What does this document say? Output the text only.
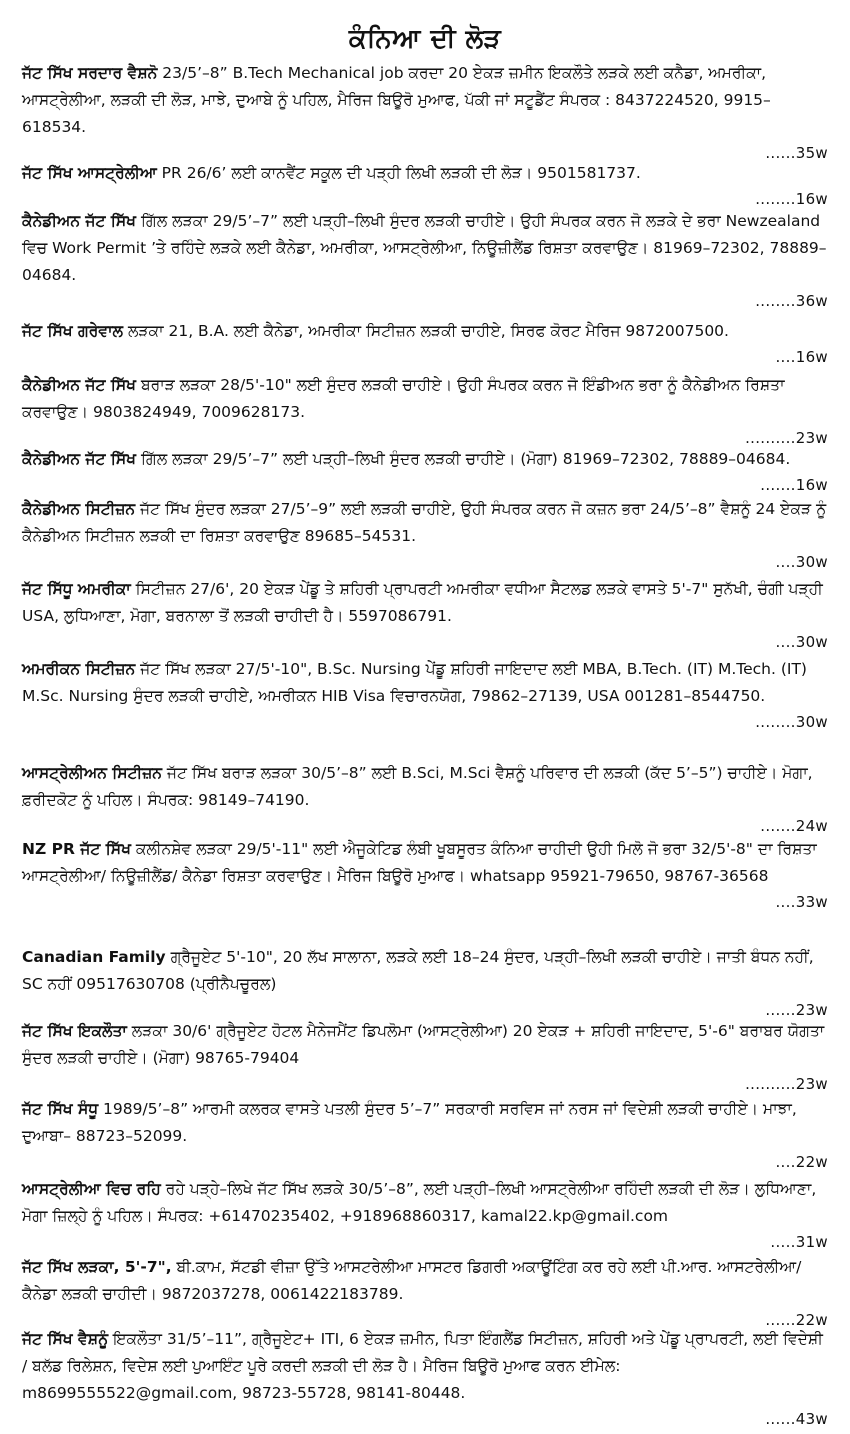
ਕੰਨਿਆ ਦੀ ਲੋੜ

ਜੱਟ ਸਿੱਖ ਸਰਦਾਰ ਵੈਸ਼ਨੋ 23/5’–8” B.Tech Mechanical job ਕਰਦਾ 20 ਏਕੜ ਜ਼ਮੀਨ ਇਕਲੌਤੇ ਲੜਕੇ ਲਈ ਕਨੈਡਾ, ਅਮਰੀਕਾ, ਆਸਟ੍ਰੇਲੀਆ, ਲੜਕੀ ਦੀ ਲੋੜ, ਮਾਝੇ, ਦੁਆਬੇ ਨੂੰ ਪਹਿਲ, ਮੈਰਿਜ ਬਿਊਰੋ ਮੁਆਫ, ਪੱਕੀ ਜਾਂ ਸਟੂਡੈਂਟ ਸੰਪਰਕ : 8437224520, 9915–618534.

......35w

ਜੱਟ ਸਿੱਖ ਆਸਟ੍ਰੇਲੀਆ PR 26/6’ ਲਈ ਕਾਨਵੈਂਟ ਸਕੂਲ ਦੀ ਪੜ੍ਹੀ ਲਿਖੀ ਲੜਕੀ ਦੀ ਲੋੜ। 9501581737.

........16w

ਕੈਨੇਡੀਅਨ ਜੱਟ ਸਿੱਖ ਗਿੱਲ ਲੜਕਾ 29/5’–7” ਲਈ ਪੜ੍ਹੀ–ਲਿਖੀ ਸੁੰਦਰ ਲੜਕੀ ਚਾਹੀਏ। ਉਹੀ ਸੰਪਰਕ ਕਰਨ ਜੋ ਲੜਕੇ ਦੇ ਭਰਾ Newzealand ਵਿਚ Work Permit ’ਤੇ ਰਹਿੰਦੇ ਲੜਕੇ ਲਈ ਕੈਨੇਡਾ, ਅਮਰੀਕਾ, ਆਸਟ੍ਰੇਲੀਆ, ਨਿਊਜ਼ੀਲੈਂਡ ਰਿਸ਼ਤਾ ਕਰਵਾਉਣ। 81969–72302, 78889–04684.

........36w

ਜੱਟ ਸਿੱਖ ਗਰੇਵਾਲ ਲੜਕਾ 21, B.A. ਲਈ ਕੈਨੇਡਾ, ਅਮਰੀਕਾ ਸਿਟੀਜ਼ਨ ਲੜਕੀ ਚਾਹੀਏ, ਸਿਰਫ ਕੋਰਟ ਮੈਰਿਜ 9872007500.

....16w

ਕੈਨੇਡੀਅਨ ਜੱਟ ਸਿੱਖ ਬਰਾੜ ਲੜਕਾ 28/5'-10" ਲਈ ਸੁੰਦਰ ਲੜਕੀ ਚਾਹੀਏ। ਉਹੀ ਸੰਪਰਕ ਕਰਨ ਜੋ ਇੰਡੀਅਨ ਭਰਾ ਨੂੰ ਕੈਨੇਡੀਅਨ ਰਿਸ਼ਤਾ ਕਰਵਾਉਣ। 9803824949, 7009628173.

..........23w

ਕੈਨੇਡੀਅਨ ਜੱਟ ਸਿੱਖ ਗਿੱਲ ਲੜਕਾ 29/5’–7” ਲਈ ਪੜ੍ਹੀ–ਲਿਖੀ ਸੁੰਦਰ ਲੜਕੀ ਚਾਹੀਏ। (ਮੋਗਾ) 81969–72302, 78889–04684.

.......16w

ਕੈਨੇਡੀਅਨ ਸਿਟੀਜ਼ਨ ਜੱਟ ਸਿੱਖ ਸੁੰਦਰ ਲੜਕਾ 27/5’–9” ਲਈ ਲੜਕੀ ਚਾਹੀਏ, ਉਹੀ ਸੰਪਰਕ ਕਰਨ ਜੋ ਕਜ਼ਨ ਭਰਾ 24/5’–8” ਵੈਸ਼ਨੂੰ 24 ਏਕੜ ਨੂੰ ਕੈਨੇਡੀਅਨ ਸਿਟੀਜ਼ਨ ਲੜਕੀ ਦਾ ਰਿਸ਼ਤਾ ਕਰਵਾਉਣ 89685–54531.

....30w

ਜੱਟ ਸਿੱਧੂ ਅਮਰੀਕਾ ਸਿਟੀਜ਼ਨ 27/6', 20 ਏਕੜ ਪੇਂਡੂ ਤੇ ਸ਼ਹਿਰੀ ਪ੍ਰਾਪਰਟੀ ਅਮਰੀਕਾ ਵਧੀਆ ਸੈਟਲਡ ਲੜਕੇ ਵਾਸਤੇ 5'-7" ਸੁਨੱਖੀ, ਚੰਗੀ ਪੜ੍ਹੀ USA, ਲੁਧਿਆਣਾ, ਮੋਗਾ, ਬਰਨਾਲਾ ਤੋਂ ਲੜਕੀ ਚਾਹੀਦੀ ਹੈ। 5597086791.

....30w

ਅਮਰੀਕਨ ਸਿਟੀਜ਼ਨ ਜੱਟ ਸਿੱਖ ਲੜਕਾ 27/5'-10", B.Sc. Nursing ਪੇਂਡੂ ਸ਼ਹਿਰੀ ਜਾਇਦਾਦ ਲਈ MBA, B.Tech. (IT) M.Tech. (IT) M.Sc. Nursing ਸੁੰਦਰ ਲੜਕੀ ਚਾਹੀਏ, ਅਮਰੀਕਨ HIB Visa ਵਿਚਾਰਨਯੋਗ, 79862–27139, USA 001281–8544750.

........30w

ਆਸਟ੍ਰੇਲੀਅਨ ਸਿਟੀਜ਼ਨ ਜੱਟ ਸਿੱਖ ਬਰਾੜ ਲੜਕਾ 30/5’–8” ਲਈ B.Sci, M.Sci ਵੈਸ਼ਨੂੰ ਪਰਿਵਾਰ ਦੀ ਲੜਕੀ (ਕੱਦ 5’–5”) ਚਾਹੀਏ। ਮੋਗਾ, ਫ਼ਰੀਦਕੋਟ ਨੂੰ ਪਹਿਲ। ਸੰਪਰਕ: 98149–74190.

.......24w

NZ PR ਜੱਟ ਸਿੱਖ ਕਲੀਨਸ਼ੇਵ ਲੜਕਾ 29/5'-11" ਲਈ ਐਜੂਕੇਟਿਡ ਲੰਬੀ ਖੂਬਸੂਰਤ ਕੰਨਿਆ ਚਾਹੀਦੀ ਉਹੀ ਮਿਲੋ ਜੋ ਭਰਾ 32/5'-8" ਦਾ ਰਿਸ਼ਤਾ ਆਸਟ੍ਰੇਲੀਆ/ ਨਿਊਜ਼ੀਲੈਂਡ/ ਕੈਨੇਡਾ ਰਿਸ਼ਤਾ ਕਰਵਾਉਣ। ਮੈਰਿਜ ਬਿਊਰੋ ਮੁਆਫ। whatsapp 95921-79650, 98767-36568

....33w

Canadian Family ਗ੍ਰੈਜੂਏਟ 5'-10", 20 ਲੱਖ ਸਾਲਾਨਾ, ਲੜਕੇ ਲਈ 18–24 ਸੁੰਦਰ, ਪੜ੍ਹੀ–ਲਿਖੀ ਲੜਕੀ ਚਾਹੀਏ। ਜਾਤੀ ਬੰਧਨ ਨਹੀਂ, SC ਨਹੀਂ 09517630708 (ਪ੍ਰੀਨੈਪਚੂਰਲ)

......23w

ਜੱਟ ਸਿੱਖ ਇਕਲੌਤਾ ਲੜਕਾ 30/6' ਗ੍ਰੈਜੂਏਟ ਹੋਟਲ ਮੈਨੇਜਮੈਂਟ ਡਿਪਲੋਮਾ (ਆਸਟ੍ਰੇਲੀਆ) 20 ਏਕੜ + ਸ਼ਹਿਰੀ ਜਾਇਦਾਦ, 5'-6" ਬਰਾਬਰ ਯੋਗਤਾ ਸੁੰਦਰ ਲੜਕੀ ਚਾਹੀਏ। (ਮੋਗਾ) 98765-79404

..........23w

ਜੱਟ ਸਿੱਖ ਸੰਧੂ 1989/5’–8” ਆਰਮੀ ਕਲਰਕ ਵਾਸਤੇ ਪਤਲੀ ਸੁੰਦਰ 5’–7” ਸਰਕਾਰੀ ਸਰਵਿਸ ਜਾਂ ਨਰਸ ਜਾਂ ਵਿਦੇਸ਼ੀ ਲੜਕੀ ਚਾਹੀਏ। ਮਾਝਾ, ਦੁਆਬਾ– 88723–52099.

....22w

ਆਸਟ੍ਰੇਲੀਆ ਵਿਚ ਰਹਿ ਰਹੇ ਪੜ੍ਹੇ–ਲਿਖੇ ਜੱਟ ਸਿੱਖ ਲੜਕੇ 30/5’–8”, ਲਈ ਪੜ੍ਹੀ–ਲਿਖੀ ਆਸਟ੍ਰੇਲੀਆ ਰਹਿੰਦੀ ਲੜਕੀ ਦੀ ਲੋੜ। ਲੁਧਿਆਣਾ, ਮੋਗਾ ਜ਼ਿਲ੍ਹੇ ਨੂੰ ਪਹਿਲ। ਸੰਪਰਕ: +61470235402, +918968860317, kamal22.kp@gmail.com

.....31w

ਜੱਟ ਸਿੱਖ ਲੜਕਾ, 5'-7", ਬੀ.ਕਾਮ, ਸੱਟਡੀ ਵੀਜ਼ਾ ਉੱਤੇ ਆਸਟਰੇਲੀਆ ਮਾਸਟਰ ਡਿਗਰੀ ਅਕਾਊਂਟਿੰਗ ਕਰ ਰਹੇ ਲਈ ਪੀ.ਆਰ. ਆਸਟਰੇਲੀਆ/ ਕੈਨੇਡਾ ਲੜਕੀ ਚਾਹੀਦੀ। 9872037278, 0061422183789.

......22w

ਜੱਟ ਸਿੱਖ ਵੈਸ਼ਨੂੰ ਇਕਲੌਤਾ 31/5’–11”, ਗ੍ਰੈਜੂਏਟ+ ITI, 6 ਏਕੜ ਜ਼ਮੀਨ, ਪਿਤਾ ਇੰਗਲੈਂਡ ਸਿਟੀਜ਼ਨ, ਸ਼ਹਿਰੀ ਅਤੇ ਪੇਂਡੂ ਪ੍ਰਾਪਰਟੀ, ਲਈ ਵਿਦੇਸ਼ੀ / ਬਲੱਡ ਰਿਲੇਸ਼ਨ, ਵਿਦੇਸ਼ ਲਈ ਪੁਆਇੰਟ ਪੂਰੇ ਕਰਦੀ ਲੜਕੀ ਦੀ ਲੋੜ ਹੈ। ਮੈਰਿਜ ਬਿਊਰੋ ਮੁਆਫ ਕਰਨ ਈਮੇਲ: m8699555522@gmail.com, 98723-55728, 98141-80448.

......43w
